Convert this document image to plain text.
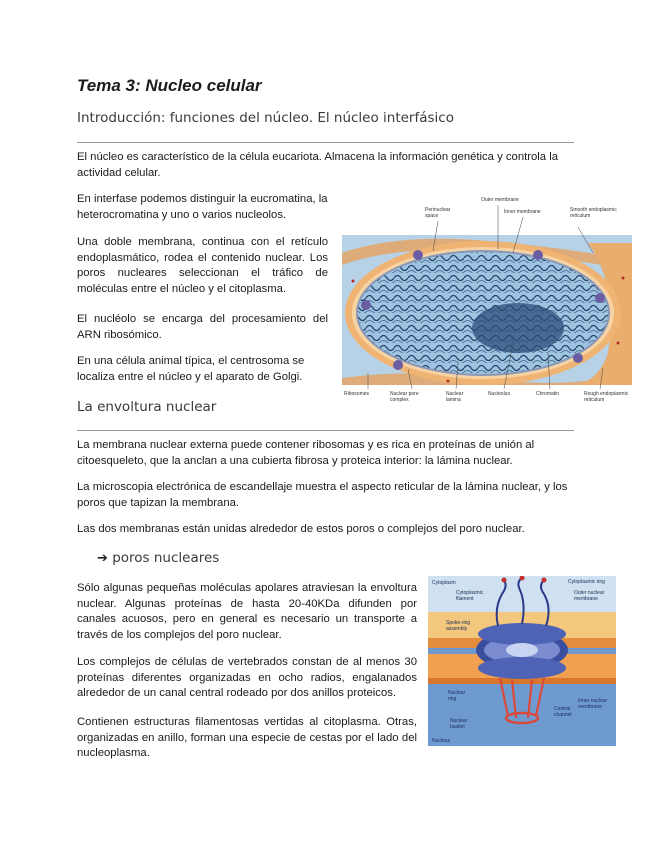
Tema 3: Nucleo celular
Introducción: funciones del núcleo. El núcleo interfásico

El núcleo es característico de la célula eucariota. Almacena la información genética y controla la actividad celular.

En interfase podemos distinguir la eucromatina, la heterocromatina y uno o varios nucleolos.

Una doble membrana, continua con el retículo endoplasmático, rodea el contenido nuclear. Los poros nucleares seleccionan el tráfico de moléculas entre el núcleo y el citoplasma.

El nucléolo se encarga del procesamiento del ARN ribosómico.

En una célula animal típica, el centrosoma se localiza entre el núcleo y el aparato de Golgi.

Outer membrane
Perinuclear space
Inner membrane	Smooth endoplasmic reticulum
Ribosomes	Nuclear pore complex
Nuclear lamina
Nucleolus	Chromatin	Rough endoplasmic reticulum
La envoltura nuclear

La membrana nuclear externa puede contener ribosomas y es rica en proteínas de unión al citoesqueleto, que la anclan a una cubierta fibrosa y proteica interior: la lámina nuclear.

La microscopia electrónica de escandellaje muestra el aspecto reticular de la lámina nuclear, y los poros que tapizan la membrana.

Las dos membranas están unidas alrededor de estos poros o complejos del poro nuclear.

➔ poros nucleares

Sólo algunas pequeñas moléculas apolares atraviesan la envoltura nuclear. Algunas proteínas de hasta 20-40KDa difunden por canales acuosos, pero en general es necesario un transporte a través de los complejos del poro nuclear.

Los complejos de células de vertebrados constan de al menos 30 proteínas diferentes organizadas en ocho radios, engalanados alrededor de un canal central rodeado por dos anillos proteicos.

Contienen estructuras filamentosas vertidas al citoplasma. Otras, organizadas en anillo, forman una especie de cestas por el lado del nucleoplasma.

Cytoplasm	Cytoplasmic ring
Cytoplasmic filament
Outer nuclear membrane
Spoke-ring assembly
Nuclear ring
Central channel
Inner nuclear membrane
Nuclear basket
Nucleus
